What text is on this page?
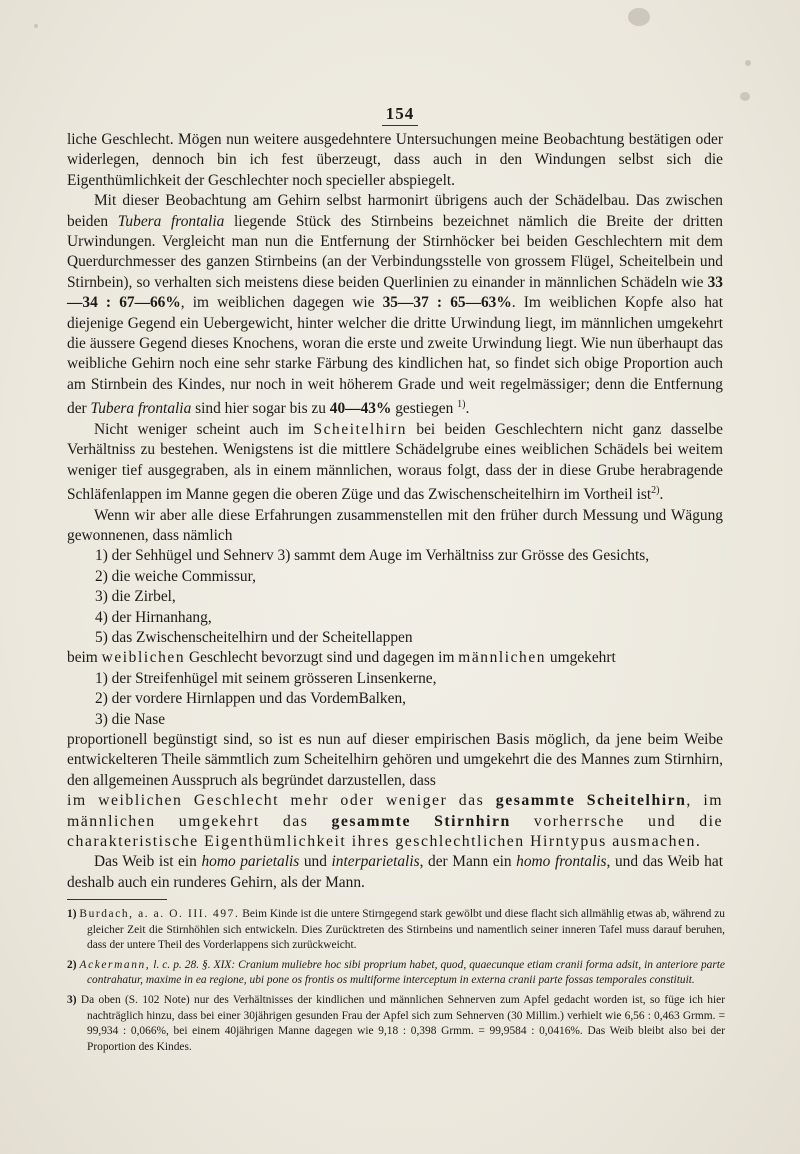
154

liche Geschlecht. Mögen nun weitere ausgedehntere Untersuchungen meine Beobachtung bestätigen oder widerlegen, dennoch bin ich fest überzeugt, dass auch in den Windungen selbst sich die Eigenthümlichkeit der Geschlechter noch specieller abspiegelt.

Mit dieser Beobachtung am Gehirn selbst harmonirt übrigens auch der Schädelbau. Das zwischen beiden Tubera frontalia liegende Stück des Stirnbeins bezeichnet nämlich die Breite der dritten Urwindungen. Vergleicht man nun die Entfernung der Stirnhöcker bei beiden Geschlechtern mit dem Querdurchmesser des ganzen Stirnbeins (an der Verbindungsstelle von grossem Flügel, Scheitelbein und Stirnbein), so verhalten sich meistens diese beiden Querlinien zu einander in männlichen Schädeln wie 33—34 : 67—66%, im weiblichen dagegen wie 35—37 : 65—63%. Im weiblichen Kopfe also hat diejenige Gegend ein Uebergewicht, hinter welcher die dritte Urwindung liegt, im männlichen umgekehrt die äussere Gegend dieses Knochens, woran die erste und zweite Urwindung liegt. Wie nun überhaupt das weibliche Gehirn noch eine sehr starke Färbung des kindlichen hat, so findet sich obige Proportion auch am Stirnbein des Kindes, nur noch in weit höherem Grade und weit regelmässiger; denn die Entfernung der Tubera frontalia sind hier sogar bis zu 40—43% gestiegen $^{1)}$.

Nicht weniger scheint auch im Scheitelhirn bei beiden Geschlechtern nicht ganz dasselbe Verhältniss zu bestehen. Wenigstens ist die mittlere Schädelgrube eines weiblichen Schädels bei weitem weniger tief ausgegraben, als in einem männlichen, woraus folgt, dass der in diese Grube herabragende Schläfenlappen im Manne gegen die oberen Züge und das Zwischenscheitelhirn im Vortheil ist$^{2)}$.

Wenn wir aber alle diese Erfahrungen zusammenstellen mit den früher durch Messung und Wägung gewonnenen, dass nämlich

1) der Sehhügel und Sehnerv 3) sammt dem Auge im Verhältniss zur Grösse des Gesichts,
2) die weiche Commissur,
3) die Zirbel,
4) der Hirnanhang,
5) das Zwischenscheitelhirn und der Scheitellappen

beim weiblichen Geschlecht bevorzugt sind und dagegen im männlichen umgekehrt

1) der Streifenhügel mit seinem grösseren Linsenkerne,
2) der vordere Hirnlappen und das VordemBalken,
3) die Nase

proportionell begünstigt sind, so ist es nun auf dieser empirischen Basis möglich, da jene beim Weibe entwickelteren Theile sämmtlich zum Scheitelhirn gehören und umgekehrt die des Mannes zum Stirnhirn, den allgemeinen Ausspruch als begründet darzustellen, dass

im weiblichen Geschlecht mehr oder weniger das gesammte Scheitelhirn, im männlichen umgekehrt das gesammte Stirnhirn vorherrsche und die charakteristische Eigenthümlichkeit ihres geschlechtlichen Hirntypus ausmachen.

Das Weib ist ein homo parietalis und interparietalis, der Mann ein homo frontalis, und das Weib hat deshalb auch ein runderes Gehirn, als der Mann.

1) Burdach, a. a. O. III. 497. Beim Kinde ist die untere Stirngegend stark gewölbt und diese flacht sich allmählig etwas ab, während zu gleicher Zeit die Stirnhöhlen sich entwickeln. Dies Zurücktreten des Stirnbeins und namentlich seiner inneren Tafel muss darauf beruhen, dass der untere Theil des Vorderlappens sich zurückweicht.

2) Ackermann, l. c. p. 28. §. XIX: Cranium muliebre hoc sibi proprium habet, quod, quaecunque etiam cranii forma adsit, in anteriore parte contrahatur, maxime in ea regione, ubi pone os frontis os multiforme interceptum in externa cranii parte fossas temporales constituit.

3) Da oben (S. 102 Note) nur des Verhältnisses der kindlichen und männlichen Sehnerven zum Apfel gedacht worden ist, so füge ich hier nachträglich hinzu, dass bei einer 30jährigen gesunden Frau der Apfel sich zum Sehnerven (30 Millim.) verhielt wie 6,56 : 0,463 Grmm. = 99,934 : 0,066%, bei einem 40jährigen Manne dagegen wie 9,18 : 0,398 Grmm. = 99,9584 : 0,0416%. Das Weib bleibt also bei der Proportion des Kindes.
